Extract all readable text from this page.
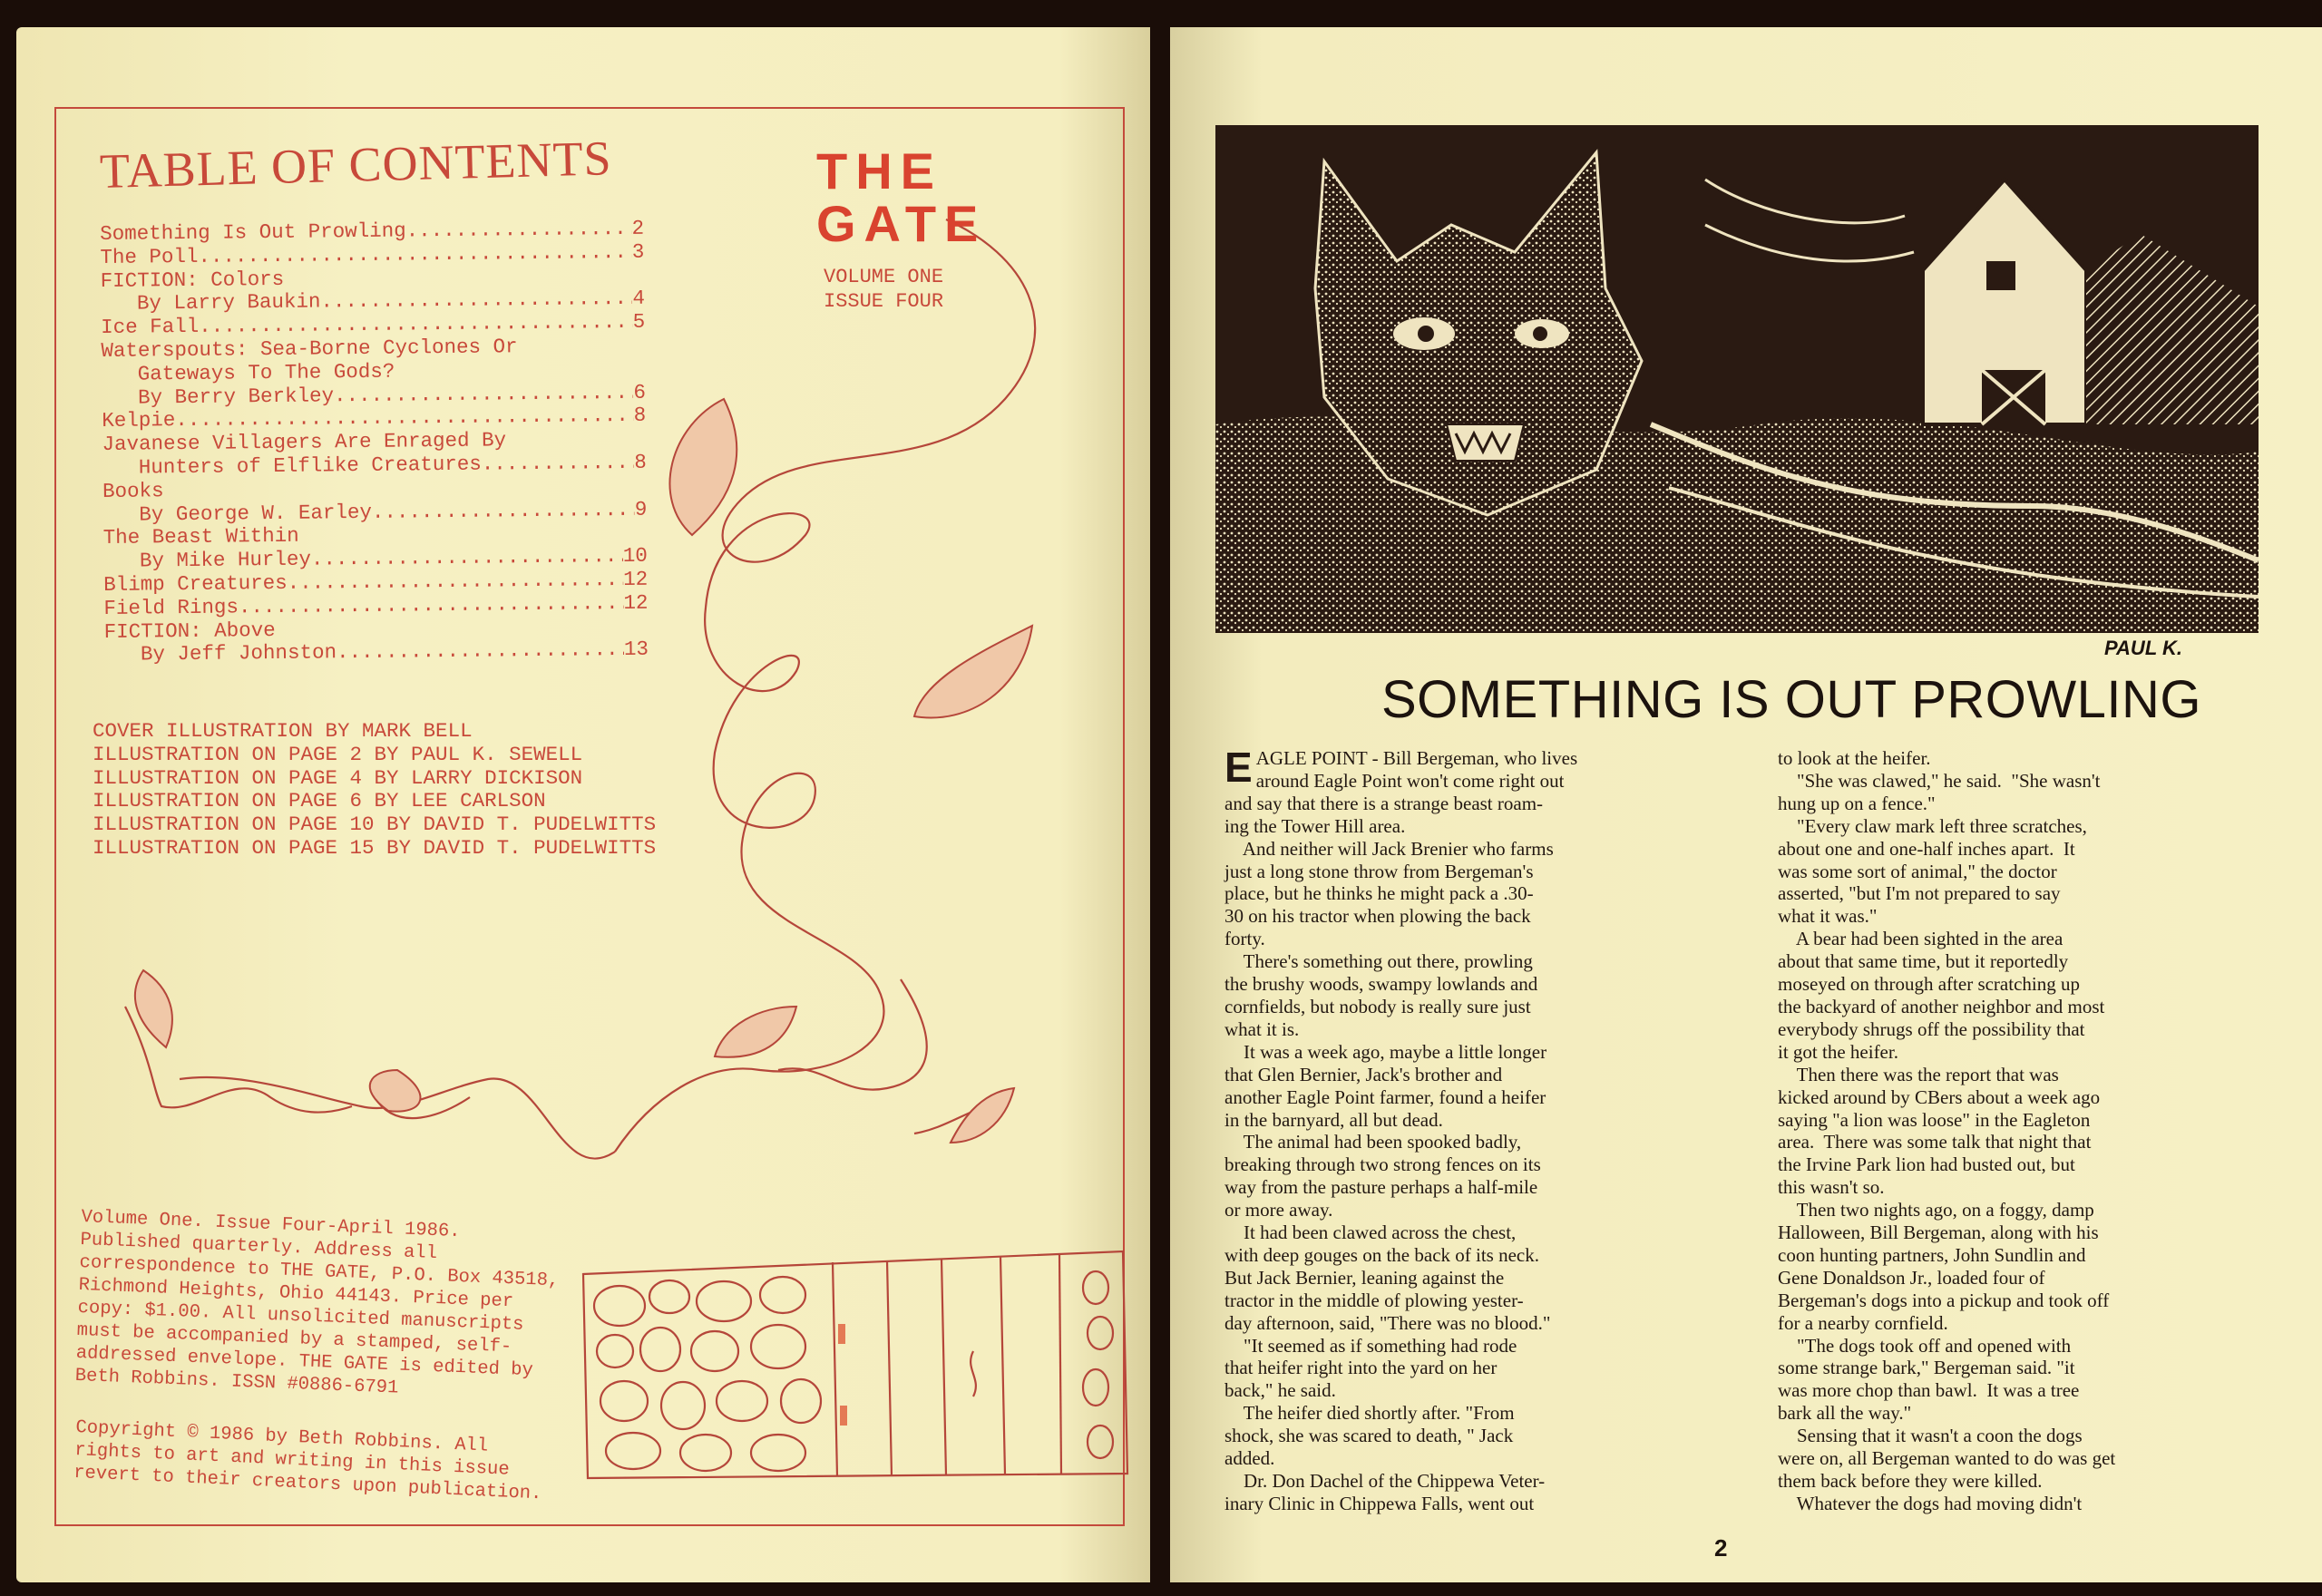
TABLE OF CONTENTS	THE
GATE
VOLUME ONE
ISSUE FOUR
Something Is Out Prowling .....	2
The Poll .....	3
FICTION: Colors
By Larry Baukin .....	4
Ice Fall .....	5
Waterspouts: Sea-Borne Cyclones Or
Gateways To The Gods?
By Berry Berkley .....	6
Kelpie .....	8
Javanese Villagers Are Enraged By
Hunters of Elflike Creatures .....	8
Books
By George W. Earley .....	9
The Beast Within
By Mike Hurley .....	10
Blimp Creatures .....	12
Field Rings .....	12
FICTION: Above
By Jeff Johnston .....	13
COVER ILLUSTRATION BY MARK BELL
ILLUSTRATION ON PAGE 2 BY PAUL K. SEWELL
ILLUSTRATION ON PAGE 4 BY LARRY DICKISON
ILLUSTRATION ON PAGE 6 BY LEE CARLSON
ILLUSTRATION ON PAGE 10 BY DAVID T. PUDELWITTS
ILLUSTRATION ON PAGE 15 BY DAVID T. PUDELWITTS
Volume One. Issue Four-April 1986. Published quarterly. Address all correspondence to THE GATE, P.O. Box 43518, Richmond Heights, Ohio 44143. Price per copy: $1.00. All unsolicited manuscripts must be accompanied by a stamped, self-addressed envelope. THE GATE is edited by Beth Robbins. ISSN #0886-6791
Copyright © 1986 by Beth Robbins. All rights to art and writing in this issue revert to their creators upon publication.
PAUL K.
SOMETHING IS OUT PROWLING
EAGLE POINT - Bill Bergeman, who lives
around Eagle Point won't come right out
and say that there is a strange beast roam-
ing the Tower Hill area.
And neither will Jack Brenier who farms
just a long stone throw from Bergeman's
place, but he thinks he might pack a .30-
30 on his tractor when plowing the back
forty.
There's something out there, prowling
the brushy woods, swampy lowlands and
cornfields, but nobody is really sure just
what it is.
It was a week ago, maybe a little longer
that Glen Bernier, Jack's brother and
another Eagle Point farmer, found a heifer
in the barnyard, all but dead.
The animal had been spooked badly,
breaking through two strong fences on its
way from the pasture perhaps a half-mile
or more away.
It had been clawed across the chest,
with deep gouges on the back of its neck.
But Jack Bernier, leaning against the
tractor in the middle of plowing yester-
day afternoon, said, "There was no blood."
"It seemed as if something had rode
that heifer right into the yard on her
back," he said.
The heifer died shortly after. "From
shock, she was scared to death, " Jack
added.
Dr. Don Dachel of the Chippewa Veter-
inary Clinic in Chippewa Falls, went out
to look at the heifer.
"She was clawed," he said.  "She wasn't
hung up on a fence."
"Every claw mark left three scratches,
about one and one-half inches apart.  It
was some sort of animal," the doctor
asserted, "but I'm not prepared to say
what it was."
A bear had been sighted in the area
about that same time, but it reportedly
moseyed on through after scratching up
the backyard of another neighbor and most
everybody shrugs off the possibility that
it got the heifer.
Then there was the report that was
kicked around by CBers about a week ago
saying "a lion was loose" in the Eagleton
area.  There was some talk that night that
the Irvine Park lion had busted out, but
this wasn't so.
Then two nights ago, on a foggy, damp
Halloween, Bill Bergeman, along with his
coon hunting partners, John Sundlin and
Gene Donaldson Jr., loaded four of
Bergeman's dogs into a pickup and took off
for a nearby cornfield.
"The dogs took off and opened with
some strange bark," Bergeman said. "it
was more chop than bawl.  It was a tree
bark all the way."
Sensing that it wasn't a coon the dogs
were on, all Bergeman wanted to do was get
them back before they were killed.
Whatever the dogs had moving didn't
2
